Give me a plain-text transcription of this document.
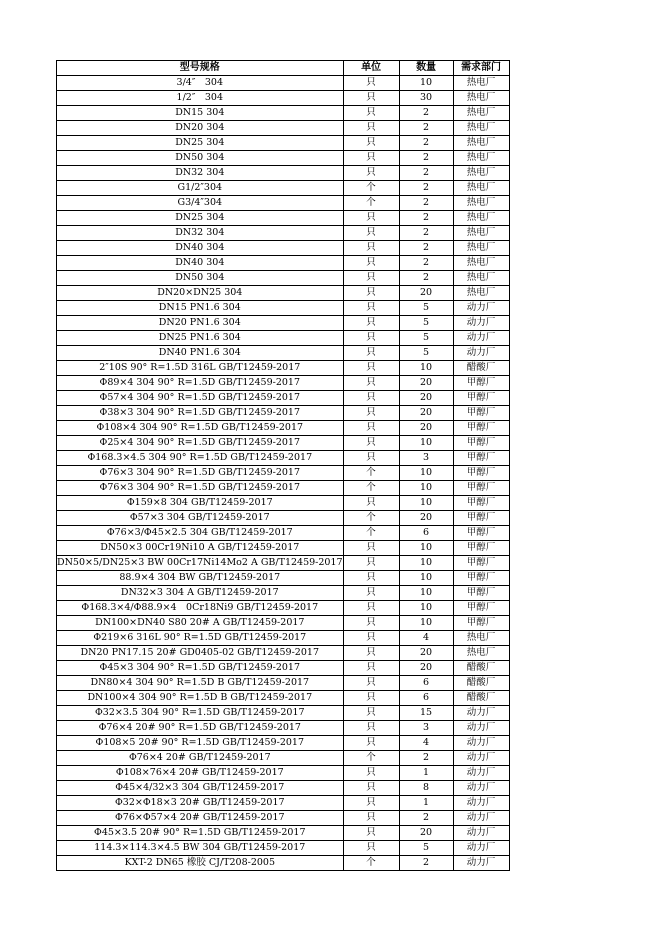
型号规格	单位	数量	需求部门
3/4″　304	只	10	热电厂
1/2″　304	只	30	热电厂
DN15 304	只	2	热电厂
DN20 304	只	2	热电厂
DN25 304	只	2	热电厂
DN50 304	只	2	热电厂
DN32 304	只	2	热电厂
G1/2″304	个	2	热电厂
G3/4″304	个	2	热电厂
DN25 304	只	2	热电厂
DN32 304	只	2	热电厂
DN40 304	只	2	热电厂
DN40 304	只	2	热电厂
DN50 304	只	2	热电厂
DN20×DN25 304	只	20	热电厂
DN15 PN1.6 304	只	5	动力厂
DN20 PN1.6 304	只	5	动力厂
DN25 PN1.6 304	只	5	动力厂
DN40 PN1.6 304	只	5	动力厂
2″10S 90° R=1.5D 316L GB/T12459-2017	只	10	醋酸厂
Φ89×4 304 90° R=1.5D GB/T12459-2017	只	20	甲醇厂
Φ57×4 304 90° R=1.5D GB/T12459-2017	只	20	甲醇厂
Φ38×3 304 90° R=1.5D GB/T12459-2017	只	20	甲醇厂
Φ108×4 304 90° R=1.5D GB/T12459-2017	只	20	甲醇厂
Φ25×4 304 90° R=1.5D GB/T12459-2017	只	10	甲醇厂
Φ168.3×4.5 304 90° R=1.5D GB/T12459-2017	只	3	甲醇厂
Φ76×3 304 90° R=1.5D GB/T12459-2017	个	10	甲醇厂
Φ76×3 304 90° R=1.5D GB/T12459-2017	个	10	甲醇厂
Φ159×8 304 GB/T12459-2017	只	10	甲醇厂
Φ57×3 304 GB/T12459-2017	个	20	甲醇厂
Φ76×3/Φ45×2.5 304 GB/T12459-2017	个	6	甲醇厂
DN50×3 00Cr19Ni10 A GB/T12459-2017	只	10	甲醇厂
DN50×5/DN25×3 BW 00Cr17Ni14Mo2 A GB/T12459-2017	只	10	甲醇厂
88.9×4 304 BW GB/T12459-2017	只	10	甲醇厂
DN32×3 304 A GB/T12459-2017	只	10	甲醇厂
Φ168.3×4/Φ88.9×4　0Cr18Ni9 GB/T12459-2017	只	10	甲醇厂
DN100×DN40 S80 20# A GB/T12459-2017	只	10	甲醇厂
Φ219×6 316L 90° R=1.5D GB/T12459-2017	只	4	热电厂
DN20 PN17.15 20# GD0405-02 GB/T12459-2017	只	20	热电厂
Φ45×3 304 90° R=1.5D GB/T12459-2017	只	20	醋酸厂
DN80×4 304 90° R=1.5D B GB/T12459-2017	只	6	醋酸厂
DN100×4 304 90° R=1.5D B GB/T12459-2017	只	6	醋酸厂
Φ32×3.5 304 90° R=1.5D GB/T12459-2017	只	15	动力厂
Φ76×4 20# 90° R=1.5D GB/T12459-2017	只	3	动力厂
Φ108×5 20# 90° R=1.5D GB/T12459-2017	只	4	动力厂
Φ76×4 20# GB/T12459-2017	个	2	动力厂
Φ108×76×4 20# GB/T12459-2017	只	1	动力厂
Φ45×4/32×3 304 GB/T12459-2017	只	8	动力厂
Φ32×Φ18×3 20# GB/T12459-2017	只	1	动力厂
Φ76×Φ57×4 20# GB/T12459-2017	只	2	动力厂
Φ45×3.5 20# 90° R=1.5D GB/T12459-2017	只	20	动力厂
114.3×114.3×4.5 BW 304 GB/T12459-2017	只	5	动力厂
KXT-2 DN65 橡胶 CJ/T208-2005	个	2	动力厂
